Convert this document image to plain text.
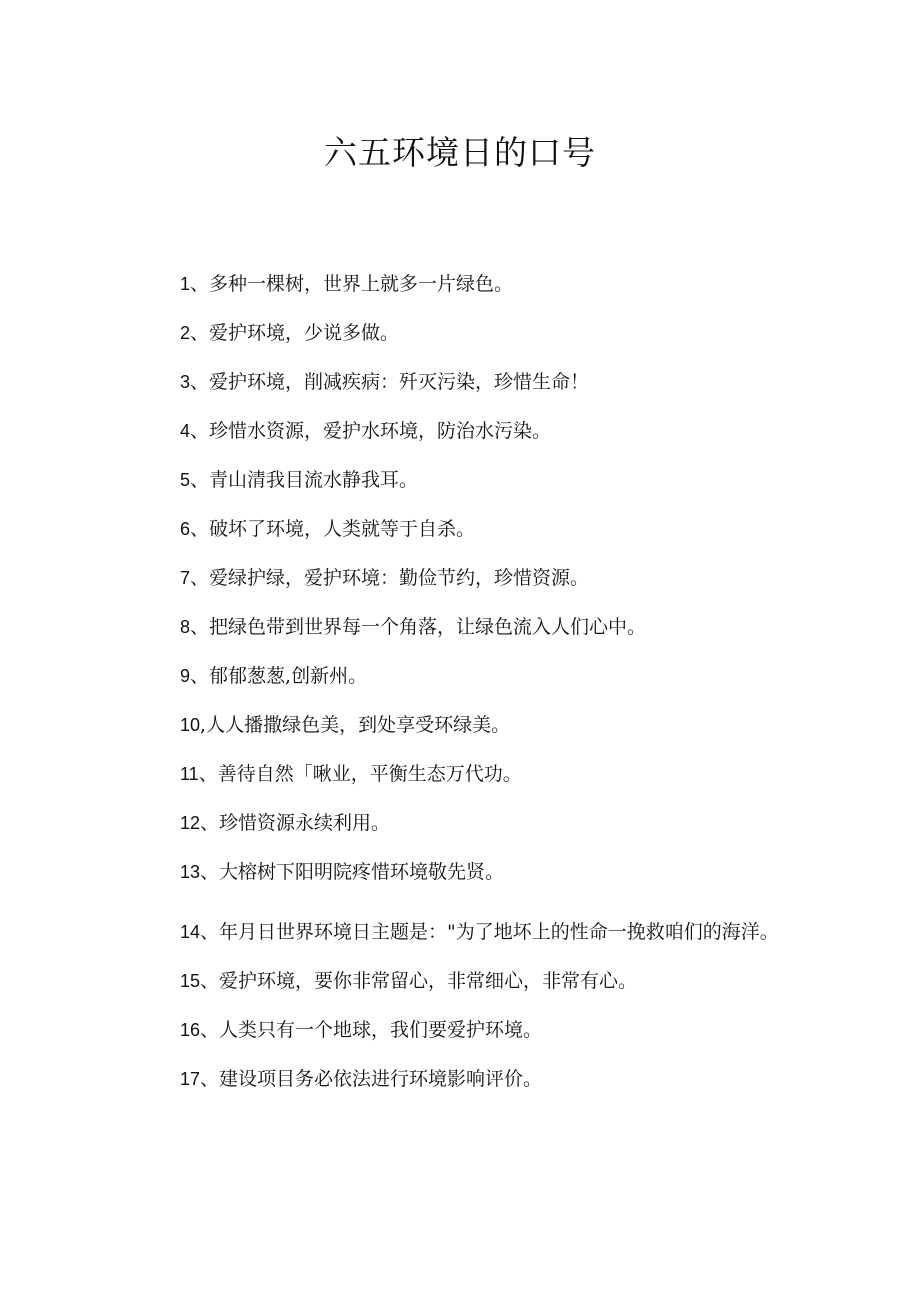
六五环境日的口号
1、多种一棵树，世界上就多一片绿色。
2、爱护环境，少说多做。
3、爱护环境，削减疾病：歼灭污染，珍惜生命！
4、珍惜水资源，爱护水环境，防治水污染。
5、青山清我目流水静我耳。
6、破坏了环境，人类就等于自杀。
7、爱绿护绿，爱护环境：勤俭节约，珍惜资源。
8、把绿色带到世界每一个角落，让绿色流入人们心中。
9、郁郁葱葱,创新州。
10,人人播撒绿色美，到处享受环绿美。
11、善待自然「啾业，平衡生态万代功。
12、珍惜资源永续利用。
13、大榕树下阳明院疼惜环境敬先贤。
14、年月日世界环境日主题是："为了地坏上的性命一挽救咱们的海洋。
15、爱护环境，要你非常留心，非常细心，非常有心。
16、人类只有一个地球，我们要爱护环境。
17、建设项目务必依法进行环境影响评价。
